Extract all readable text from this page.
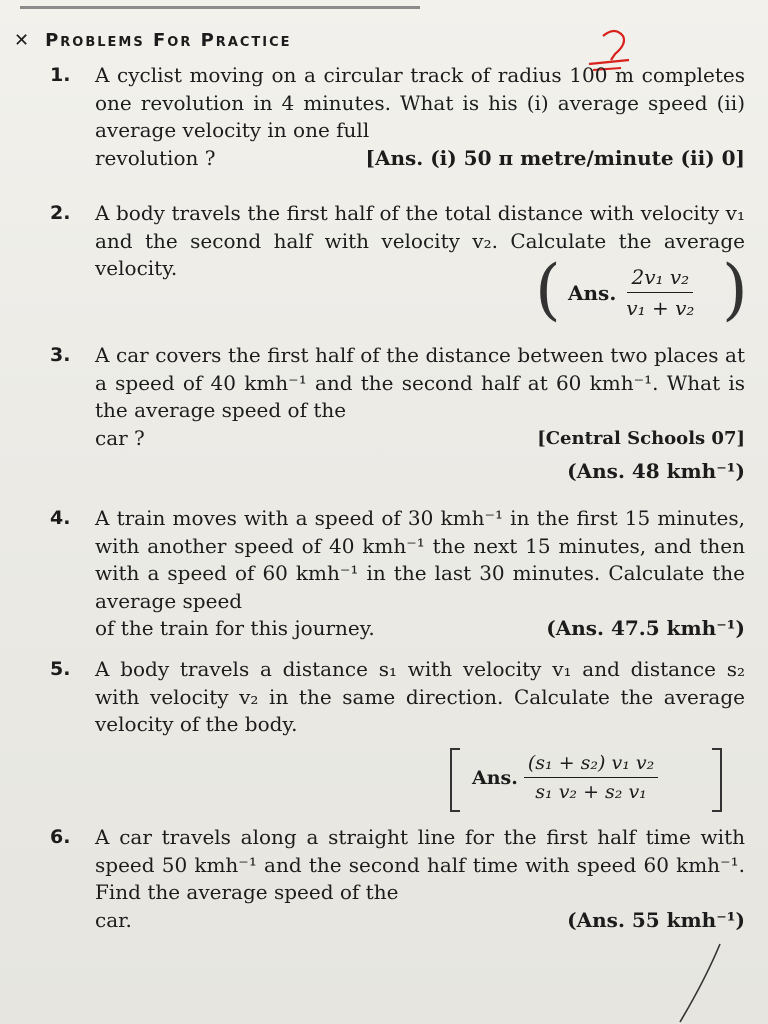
✕ Problems For Practice
1. A cyclist moving on a circular track of radius 100 m completes one revolution in 4 minutes. What is his (i) average speed (ii) average velocity in one full
revolution ?	[Ans. (i) 50 π metre/minute (ii) 0]
2. A body travels the first half of the total distance with velocity v₁ and the second half with velocity v₂. Calculate the average velocity.	( Ans. $\frac{\text{2v₁ v₂}}{\text{v₁ + v₂}}$ )
3. A car covers the first half of the distance between two places at a speed of 40 kmh⁻¹ and the second half at 60 kmh⁻¹. What is the average speed of the
car ?	[Central Schools 07]
(Ans. 48 kmh⁻¹)
4. A train moves with a speed of 30 kmh⁻¹ in the first 15 minutes, with another speed of 40 kmh⁻¹ the next 15 minutes, and then with a speed of 60 kmh⁻¹ in the last 30 minutes. Calculate the average speed
of the train for this journey.	(Ans. 47.5 kmh⁻¹)
5. A body travels a distance s₁ with velocity v₁ and distance s₂ with velocity v₂ in the same direction. Calculate the average velocity of the body.
Ans. $\frac{\text{(s₁ + s₂) v₁ v₂}}{\text{s₁ v₂ + s₂ v₁}}$
6. A car travels along a straight line for the first half time with speed 50 kmh⁻¹ and the second half time with speed 60 kmh⁻¹. Find the average speed of the
car.	(Ans. 55 kmh⁻¹)
